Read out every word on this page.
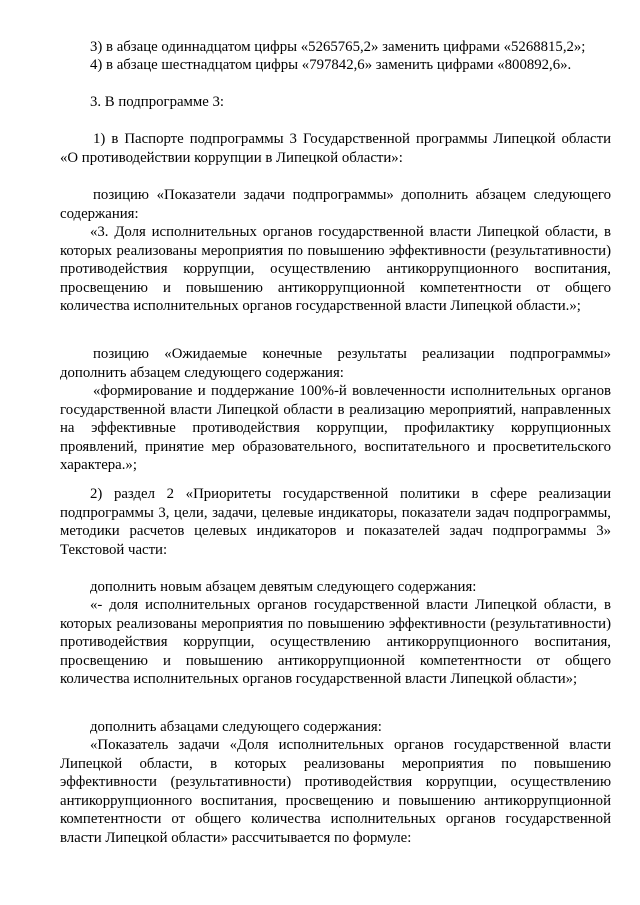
3) в абзаце одиннадцатом цифры «5265765,2» заменить цифрами «5268815,2»;

4) в абзаце шестнадцатом цифры «797842,6» заменить цифрами «800892,6».

3. В подпрограмме 3:

1) в Паспорте подпрограммы 3 Государственной программы Липецкой области «О противодействии коррупции в Липецкой области»:

позицию «Показатели задачи подпрограммы» дополнить абзацем следующего содержания:

«3. Доля исполнительных органов государственной власти Липецкой области, в которых реализованы мероприятия по повышению эффективности (результативности) противодействия коррупции, осуществлению антикоррупционного воспитания, просвещению и повышению антикоррупционной компетентности от общего количества исполнительных органов государственной власти Липецкой области.»;

позицию «Ожидаемые конечные результаты реализации подпрограммы» дополнить абзацем следующего содержания:

«формирование и поддержание 100%-й вовлеченности исполнительных органов государственной власти Липецкой области в реализацию мероприятий, направленных на эффективные противодействия коррупции, профилактику коррупционных проявлений, принятие мер образовательного, воспитательного и просветительского характера.»;

2) раздел 2 «Приоритеты государственной политики в сфере реализации подпрограммы 3, цели, задачи, целевые индикаторы, показатели задач подпрограммы, методики расчетов целевых индикаторов и показателей задач подпрограммы 3» Текстовой части:

дополнить новым абзацем девятым следующего содержания:

«- доля исполнительных органов государственной власти Липецкой области, в которых реализованы мероприятия по повышению эффективности (результативности) противодействия коррупции, осуществлению антикоррупционного воспитания, просвещению и повышению антикоррупционной компетентности от общего количества исполнительных органов государственной власти Липецкой области»;

дополнить абзацами следующего содержания:

«Показатель задачи «Доля исполнительных органов государственной власти Липецкой области, в которых реализованы мероприятия по повышению эффективности (результативности) противодействия коррупции, осуществлению антикоррупционного воспитания, просвещению и повышению антикоррупционной компетентности от общего количества исполнительных органов государственной власти Липецкой области» рассчитывается по формуле:
